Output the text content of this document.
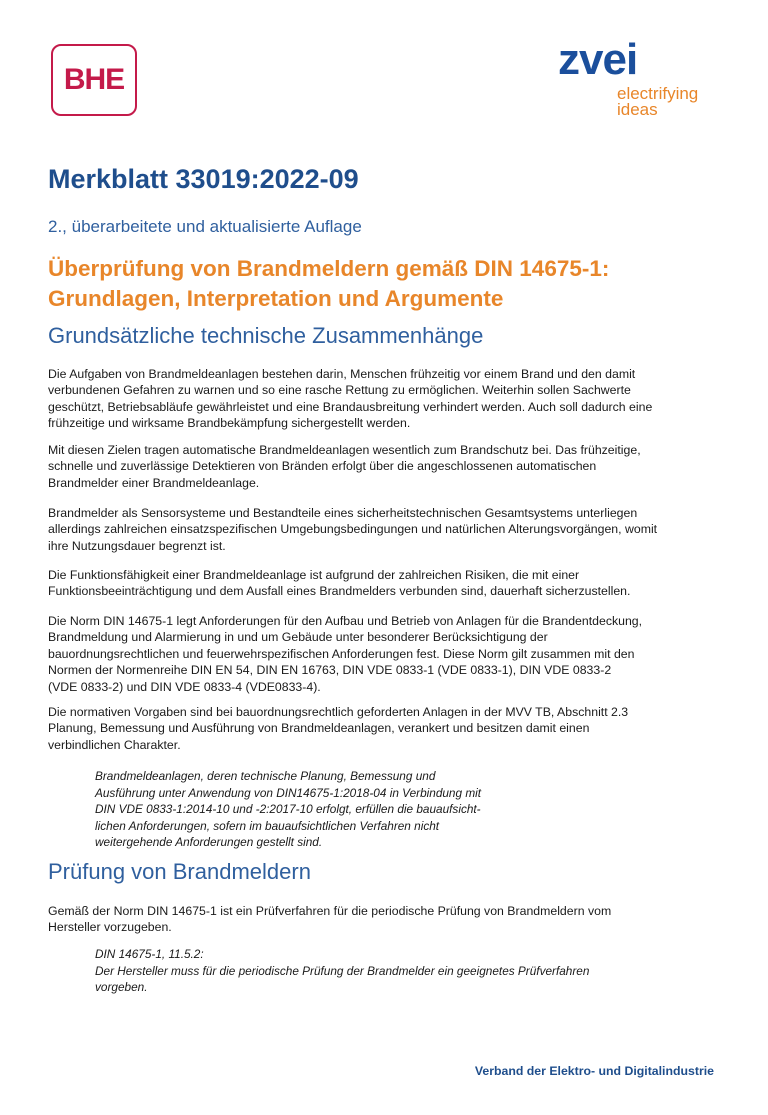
BHE	zvei
electrifying
ideas
Merkblatt 33019:2022-09

2., überarbeitete und aktualisierte Auflage

Überprüfung von Brandmeldern gemäß DIN 14675-1:
Grundlagen, Interpretation und Argumente
Grundsätzliche technische Zusammenhänge

Die Aufgaben von Brandmeldeanlagen bestehen darin, Menschen frühzeitig vor einem Brand und den damit
verbundenen Gefahren zu warnen und so eine rasche Rettung zu ermöglichen. Weiterhin sollen Sachwerte
geschützt, Betriebsabläufe gewährleistet und eine Brandausbreitung verhindert werden. Auch soll dadurch eine
frühzeitige und wirksame Brandbekämpfung sichergestellt werden.

Mit diesen Zielen tragen automatische Brandmeldeanlagen wesentlich zum Brandschutz bei. Das frühzeitige,
schnelle und zuverlässige Detektieren von Bränden erfolgt über die angeschlossenen automatischen
Brandmelder einer Brandmeldeanlage.

Brandmelder als Sensorsysteme und Bestandteile eines sicherheitstechnischen Gesamtsystems unterliegen
allerdings zahlreichen einsatzspezifischen Umgebungsbedingungen und natürlichen Alterungsvorgängen, womit
ihre Nutzungsdauer begrenzt ist.

Die Funktionsfähigkeit einer Brandmeldeanlage ist aufgrund der zahlreichen Risiken, die mit einer
Funktionsbeeinträchtigung und dem Ausfall eines Brandmelders verbunden sind, dauerhaft sicherzustellen.

Die Norm DIN 14675-1 legt Anforderungen für den Aufbau und Betrieb von Anlagen für die Brandentdeckung,
Brandmeldung und Alarmierung in und um Gebäude unter besonderer Berücksichtigung der
bauordnungsrechtlichen und feuerwehrspezifischen Anforderungen fest. Diese Norm gilt zusammen mit den
Normen der Normenreihe DIN EN 54, DIN EN 16763, DIN VDE 0833-1 (VDE 0833-1), DIN VDE 0833-2
(VDE 0833-2) und DIN VDE 0833-4 (VDE0833-4).

Die normativen Vorgaben sind bei bauordnungsrechtlich geforderten Anlagen in der MVV TB, Abschnitt 2.3
Planung, Bemessung und Ausführung von Brandmeldeanlagen, verankert und besitzen damit einen
verbindlichen Charakter.

Brandmeldeanlagen, deren technische Planung, Bemessung und
Ausführung unter Anwendung von DIN14675-1:2018-04 in Verbindung mit
DIN VDE 0833-1:2014-10 und -2:2017-10 erfolgt, erfüllen die bauaufsicht-
lichen Anforderungen, sofern im bauaufsichtlichen Verfahren nicht
weitergehende Anforderungen gestellt sind.

Prüfung von Brandmeldern

Gemäß der Norm DIN 14675-1 ist ein Prüfverfahren für die periodische Prüfung von Brandmeldern vom
Hersteller vorzugeben.

DIN 14675-1, 11.5.2:
Der Hersteller muss für die periodische Prüfung der Brandmelder ein geeignetes Prüfverfahren
vorgeben.

Verband der Elektro- und Digitalindustrie
